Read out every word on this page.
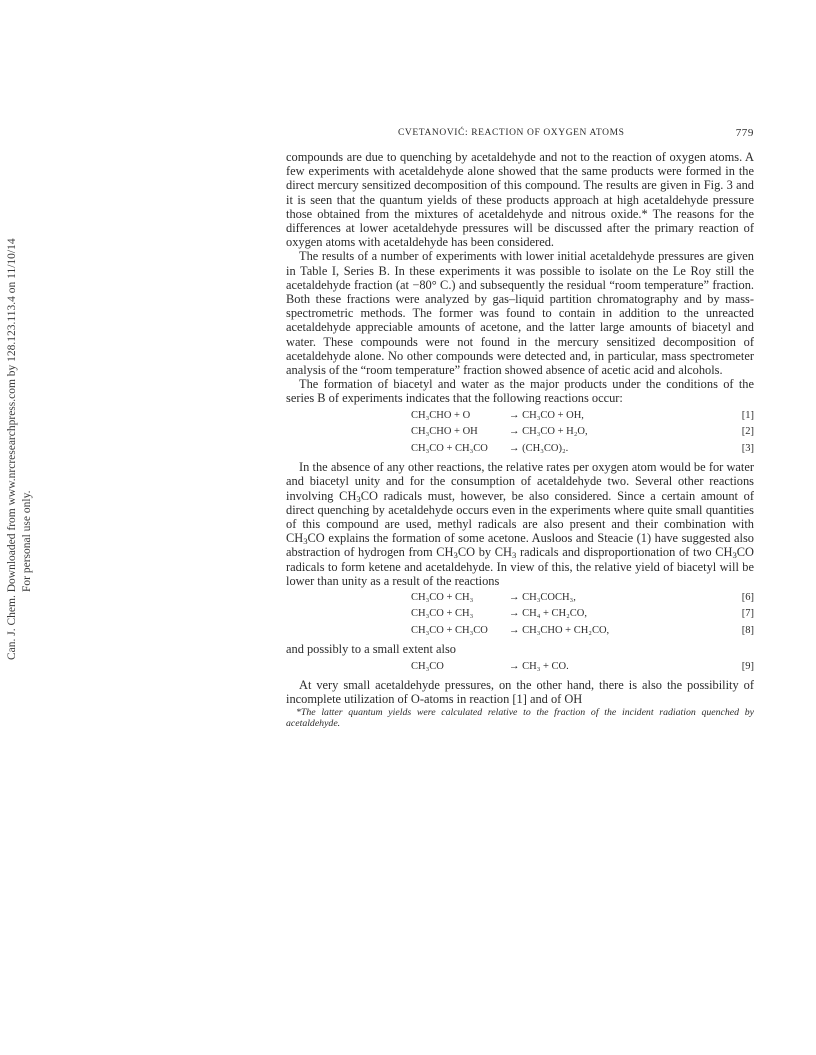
Can. J. Chem. Downloaded from www.nrcresearchpress.com by 128.123.113.4 on 11/10/14 For personal use only.
CVETANOVIĆ: REACTION OF OXYGEN ATOMS	779

compounds are due to quenching by acetaldehyde and not to the reaction of oxygen atoms. A few experiments with acetaldehyde alone showed that the same products were formed in the direct mercury sensitized decomposition of this compound. The results are given in Fig. 3 and it is seen that the quantum yields of these products approach at high acetaldehyde pressure those obtained from the mixtures of acetaldehyde and nitrous oxide.* The reasons for the differences at lower acetaldehyde pressures will be discussed after the primary reaction of oxygen atoms with acetaldehyde has been considered.

The results of a number of experiments with lower initial acetaldehyde pressures are given in Table I, Series B. In these experiments it was possible to isolate on the Le Roy still the acetaldehyde fraction (at −80° C.) and subsequently the residual “room temperature” fraction. Both these fractions were analyzed by gas–liquid partition chromatography and by mass-spectrometric methods. The former was found to contain in addition to the unreacted acetaldehyde appreciable amounts of acetone, and the latter large amounts of biacetyl and water. These compounds were not found in the mercury sensitized decomposition of acetaldehyde alone. No other compounds were detected and, in particular, mass spectrometer analysis of the “room temperature” fraction showed absence of acetic acid and alcohols.

The formation of biacetyl and water as the major products under the conditions of the series B of experiments indicates that the following reactions occur:

CH₃CHO + O	→ CH₃CO + OH,	[1]
CH₃CHO + OH	→ CH₃CO + H₂O,	[2]
CH₃CO + CH₃CO → (CH₃CO)₂.	[3]

In the absence of any other reactions, the relative rates per oxygen atom would be for water and biacetyl unity and for the consumption of acetaldehyde two. Several other reactions involving $CH_3CO$ radicals must, however, be also considered. Since a certain amount of direct quenching by acetaldehyde occurs even in the experiments where quite small quantities of this compound are used, methyl radicals are also present and their combination with $CH_3CO$ explains the formation of some acetone. Ausloos and Steacie (1) have suggested also abstraction of hydrogen from $CH_3CO$ by $CH_3$ radicals and disproportionation of two $CH_3CO$ radicals to form ketene and acetaldehyde. In view of this, the relative yield of biacetyl will be lower than unity as a result of the reactions

CH₃CO + CH₃	→ CH₃COCH₃,	[6]
CH₃CO + CH₃	→ CH₄ + CH₂CO,	[7]
CH₃CO + CH₃CO → CH₃CHO + CH₂CO,	[8]

and possibly to a small extent also

CH₃CO	→ CH₃ + CO.	[9]

At very small acetaldehyde pressures, on the other hand, there is also the possibility of incomplete utilization of O-atoms in reaction [1] and of OH

*The latter quantum yields were calculated relative to the fraction of the incident radiation quenched by acetaldehyde.
